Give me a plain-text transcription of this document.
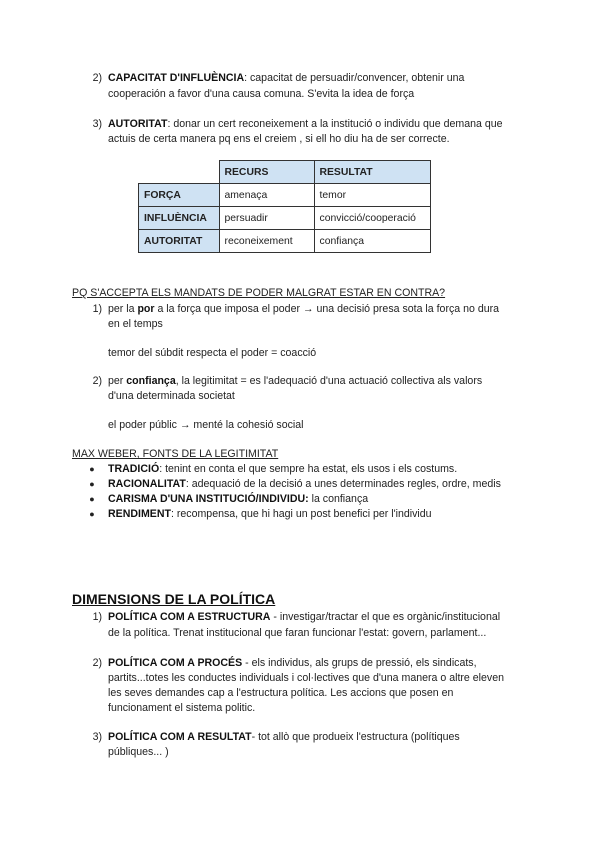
2) CAPACITAT D'INFLUÈNCIA: capacitat de persuadir/convencer, obtenir una
cooperación a favor d'una causa comuna. S'evita la idea de força
3) AUTORITAT: donar un cert reconeixement a la institució o individu que demana que
actuis de certa manera pq ens el creiem , si ell ho diu ha de ser correcte.
	RECURS	RESULTAT
FORÇA	amenaça	temor
INFLUÈNCIA	persuadir	convicció/cooperació
AUTORITAT	reconeixement	confiança
PQ S'ACCEPTA ELS MANDATS DE PODER MALGRAT ESTAR EN CONTRA?
1) per la por a la força que imposa el poder → una decisió presa sota la força no dura
en el temps
temor del súbdit respecta el poder = coacció
2) per confiança, la legitimitat = es l'adequació d'una actuació collectiva als valors
d'una determinada societat
el poder públic → menté la cohesió social
MAX WEBER, FONTS DE LA LEGITIMITAT
● TRADICIÓ: tenint en conta el que sempre ha estat, els usos i els costums.
● RACIONALITAT: adequació de la decisió a unes determinades regles, ordre, medis
● CARISMA D'UNA INSTITUCIÓ/INDIVIDU: la confiança
● RENDIMENT: recompensa, que hi hagi un post benefici per l'individu
DIMENSIONS DE LA POLÍTICA
1) POLÍTICA COM A ESTRUCTURA - investigar/tractar el que es orgànic/institucional
de la política. Trenat institucional que faran funcionar l'estat: govern, parlament...
2) POLÍTICA COM A PROCÉS - els individus, als grups de pressió, els sindicats,
partits...totes les conductes individuals i col·lectives que d'una manera o altre eleven
les seves demandes cap a l'estructura política. Les accions que posen en
funcionament el sistema politic.
3) POLÍTICA COM A RESULTAT- tot allò que produeix l'estructura (polítiques
públiques... )
